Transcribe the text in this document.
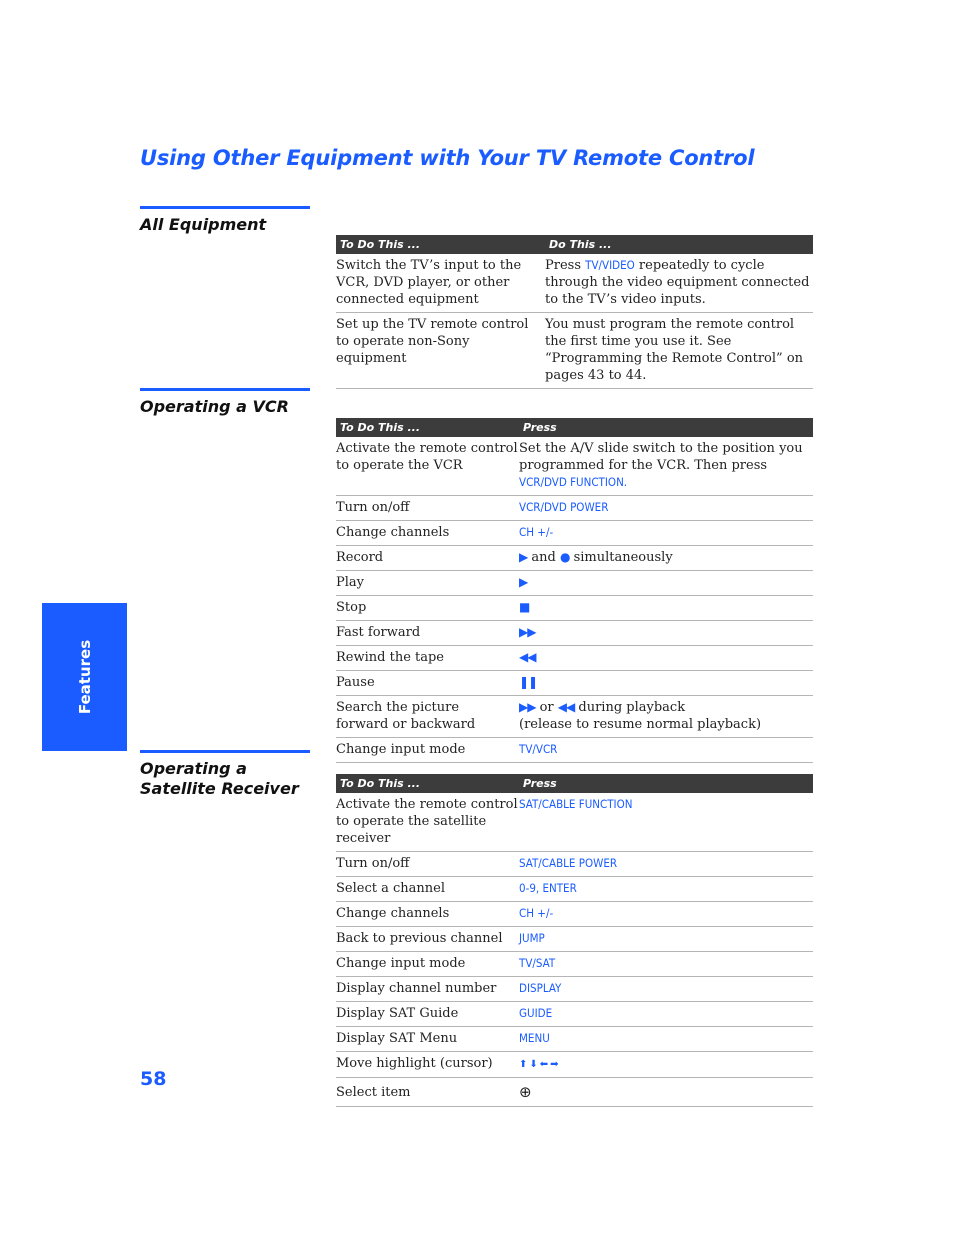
Using Other Equipment with Your TV Remote Control
All Equipment
To Do This ...	Do This ...
Switch the TV’s input to the VCR, DVD player, or other connected equipment	Press TV/VIDEO repeatedly to cycle through the video equipment connected to the TV’s video inputs.
Set up the TV remote control to operate non-Sony equipment	You must program the remote control the first time you use it. See “Programming the Remote Control” on pages 43 to 44.
Operating a VCR
To Do This ...	Press
Activate the remote control to operate the VCR	Set the A/V slide switch to the position you programmed for the VCR. Then press VCR/DVD FUNCTION.
Turn on/off	VCR/DVD POWER
Change channels	CH +/-
Record	▶ and ● simultaneously
Play	▶
Stop	■
Fast forward	▶▶
Rewind the tape	◀◀
Pause	❚❚
Search the picture forward or backward	▶▶ or ◀◀ during playback
(release to resume normal playback)
Change input mode	TV/VCR
Features
Operating a
Satellite Receiver	To Do This ...	Press
Activate the remote control to operate the satellite receiver	SAT/CABLE FUNCTION
Turn on/off	SAT/CABLE POWER
Select a channel	0-9, ENTER
Change channels	CH +/-
Back to previous channel	JUMP
Change input mode	TV/SAT
Display channel number	DISPLAY
Display SAT Guide	GUIDE
Display SAT Menu	MENU
Move highlight (cursor)	⬆⬇⬅➡
Select item	⊕
58
